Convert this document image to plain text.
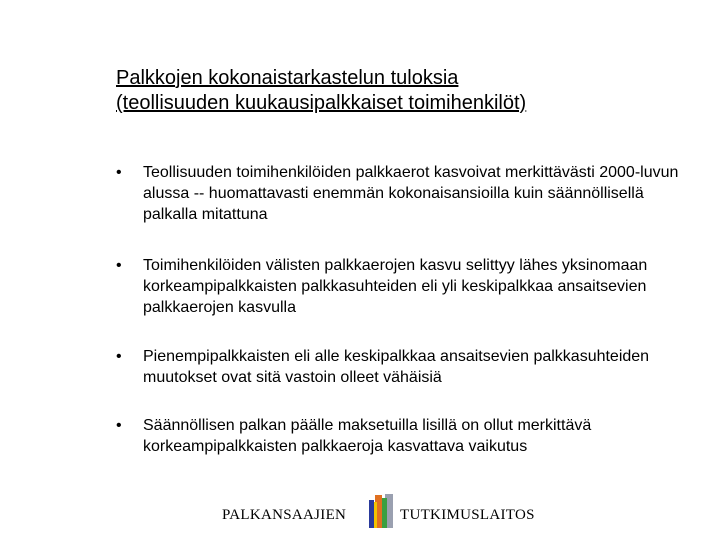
Palkkojen kokonaistarkastelun tuloksia
(teollisuuden kuukausipalkkaiset toimihenkilöt)
• Teollisuuden toimihenkilöiden palkkaerot kasvoivat merkittävästi 2000-luvun alussa -- huomattavasti enemmän kokonaisansioilla kuin säännöllisellä palkalla mitattuna
• Toimihenkilöiden välisten palkkaerojen kasvu selittyy lähes yksinomaan korkeampipalkkaisten palkkasuhteiden eli yli keskipalkkaa ansaitsevien palkkaerojen kasvulla
• Pienempipalkkaisten eli alle keskipalkkaa ansaitsevien palkkasuhteiden muutokset ovat sitä vastoin olleet vähäisiä
• Säännöllisen palkan päälle maksetuilla lisillä on ollut merkittävä korkeampipalkkaisten palkkaeroja kasvattava vaikutus
PALKANSAAJIEN	TUTKIMUSLAITOS
